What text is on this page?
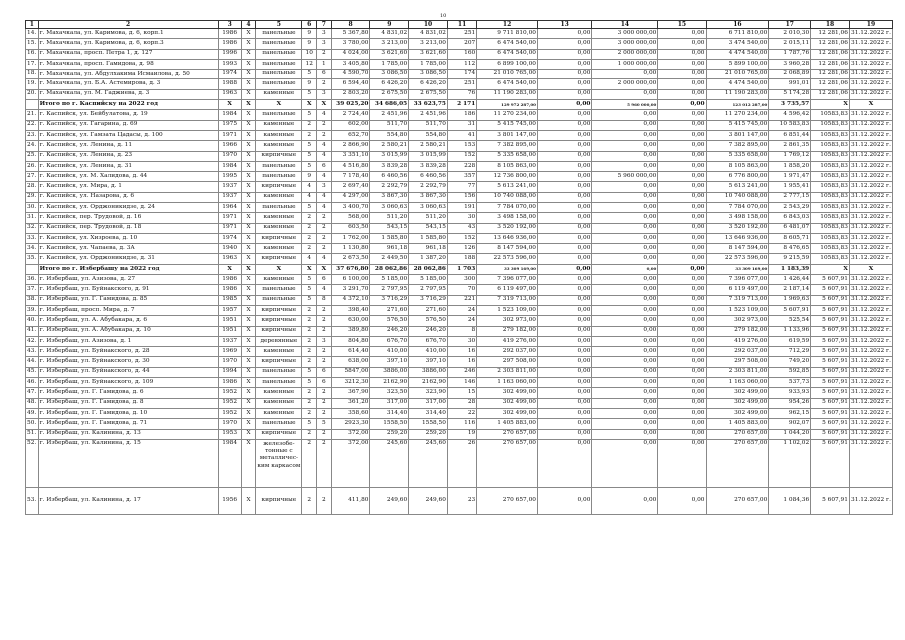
10
1	2	3	4	5	6	7	8	9	10	11	12	13	14	15	16	17	18	19
14.	г. Махачкала, ул. Каримова, д. 6, корп.1	1986	X	панельные	9	3	5 367,80	4 831,02	4 831,02	251	9 711 810,00	0,00	3 000 000,00	0,00	6 711 810,00	2 010,30	12 281,06	31.12.2022 г.
15.	г. Махачкала, ул. Каримова, д. 6, корп.3	1986	X	панельные	9	3	3 780,00	3 213,00	3 213,00	207	6 474 540,00	0,00	3 000 000,00	0,00	3 474 540,00	2 015,11	12 281,06	31.12.2022 г.
16.	г. Махачкала, просп. Петра 1, д. 127	1996	X	панельные	10	2	4 024,00	3 621,60	3 621,60	160	6 474 540,00	0,00	2 000 000,00	0,00	4 474 540,00	1 787,76	12 281,06	31.12.2022 г.
17.	г. Махачкала, просп. Гамидова, д. 98	1993	X	панельные	12	1	3 405,80	1 785,00	1 785,00	112	6 899 100,00	0,00	1 000 000,00	0,00	5 899 100,00	3 960,28	12 281,06	31.12.2022 г.
18.	г. Махачкала, ул. Абдулхакима Исмаилова, д. 50	1974	X	панельные	5	6	4 590,70	3 086,50	3 086,50	174	21 010 765,00	0,00	0,00	0,00	21 010 765,00	2 068,89	12 281,06	31.12.2022 г.
19.	г. Махачкала, ул. Б.А. Астемирова, д. 3	1988	X	панельные	9	2	6 594,40	6 426,20	6 426,20	251	6 474 540,00	0,00	2 000 000,00	0,00	4 474 540,00	991,01	12 281,06	31.12.2022 г.
20.	г. Махачкала, ул. М. Гаджиева, д. 3	1963	X	каменные	5	3	2 803,20	2 675,50	2 675,50	76	11 190 283,00	0,00	0,00	0,00	11 190 283,00	5 174,28	12 281,06	31.12.2022 г.
	Итого по г. Каспийску на 2022 год	X	X	X	X	X	39 025,20	34 686,05	33 623,75	2 171	129 972 287,00	0,00	5 960 000,00	0,00	123 012 287,00	3 735,57	X	X
21.	г. Каспийск, ул. Бейбулатова, д. 19	1984	X	панельные	5	4	2 724,40	2 451,96	2 451,96	186	11 270 234,00	0,00	0,00	0,00	11 270 234,00	4 596,42	10583,83	31.12.2022 г.
22.	г. Каспийск, ул. Гагарина, д. 69	1975	X	каменные	2	2	602,00	511,70	511,70	31	5 415 745,00	0,00	0,00	0,00	5 415 745,00	10 583,83	10583,83	31.12.2022 г.
23.	г. Каспийск, ул. Гамзата Цадасы, д. 100	1971	X	каменные	2	2	652,70	554,80	554,80	41	3 801 147,00	0,00	0,00	0,00	3 801 147,00	6 851,44	10583,83	31.12.2022 г.
24.	г. Каспийск, ул. Ленина, д. 11	1966	X	каменные	5	4	2 866,90	2 580,21	2 580,21	153	7 382 895,00	0,00	0,00	0,00	7 382 895,00	2 861,35	10583,83	31.12.2022 г.
25.	г. Каспийск, ул. Ленина, д. 23	1970	X	кирпичные	5	4	3 351,10	3 015,99	3 015,99	152	5 335 658,00	0,00	0,00	0,00	5 335 658,00	1 769,12	10583,83	31.12.2022 г.
26.	г. Каспийск, ул. Ленина, д. 31	1984	X	панельные	5	6	4 516,80	3 839,28	3 839,28	228	8 105 863,00	0,00	0,00	0,00	8 105 863,00	1 858,20	10583,83	31.12.2022 г.
27.	г. Каспийск, ул. М. Халидова, д. 44	1995	X	панельные	9	4	7 178,40	6 460,56	6 460,56	357	12 736 800,00	0,00	5 960 000,00	0,00	6 776 800,00	1 971,47	10583,83	31.12.2022 г.
28.	г. Каспийск, ул. Мира, д. 1	1937	X	кирпичные	4	3	2 697,40	2 292,79	2 292,79	77	5 613 241,00	0,00	0,00	0,00	5 613 241,00	1 955,41	10583,83	31.12.2022 г.
29.	г. Каспийск, ул. Назарова, д. 6	1937	X	каменные	4	4	4 297,00	3 867,30	3 867,30	156	10 740 088,00	0,00	0,00	0,00	10 740 088,00	2 777,15	10583,83	31.12.2022 г.
30.	г. Каспийск, ул. Орджоникидзе, д. 24	1964	X	панельные	5	4	3 400,70	3 060,63	3 060,63	191	7 784 070,00	0,00	0,00	0,00	7 784 070,00	2 543,29	10583,83	31.12.2022 г.
31.	г. Каспийск, пер. Трудовой, д. 16	1971	X	каменные	2	2	568,00	511,20	511,20	30	3 498 158,00	0,00	0,00	0,00	3 498 158,00	6 843,03	10583,83	31.12.2022 г.
32.	г. Каспийск, пер. Трудовой, д. 18	1971	X	каменные	2	2	603,50	543,15	543,15	43	3 520 192,00	0,00	0,00	0,00	3 520 192,00	6 481,07	10583,83	31.12.2022 г.
33.	г. Каспийск, ул. Хизроева, д. 10	1974	X	кирпичные	2	2	1 762,00	1 585,80	1 585,80	152	13 646 936,00	0,00	0,00	0,00	13 646 936,00	8 605,71	10583,83	31.12.2022 г.
34.	г. Каспийск, ул. Чапаева, д. 3А	1940	X	каменные	2	2	1 130,80	961,18	961,18	126	8 147 594,00	0,00	0,00	0,00	8 147 594,00	8 476,65	10583,83	31.12.2022 г.
35.	г. Каспийск, ул. Орджоникидзе, д. 31	1963	X	кирпичные	4	4	2 673,50	2 449,50	1 387,20	188	22 573 596,00	0,00	0,00	0,00	22 573 596,00	9 215,59	10583,83	31.12.2022 г.
	Итого по г. Избербашу на 2022 год	X	X	X	X	X	37 676,80	28 062,86	28 062,86	1 703	33 309 169,00	0,00	0,00	0,00	33 309 169,00	1 183,39	X	X
36.	г. Избербаш, ул. Азизова, д. 27	1986	X	каменные	5	6	6 100,00	5 185,00	5 185,00	300	7 396 077,00	0,00	0,00	0,00	7 396 077,00	1 426,44	5 607,91	31.12.2022 г.
37.	г. Избербаш, ул. Буйнакского, д. 91	1986	X	панельные	5	4	3 291,70	2 797,95	2 797,95	70	6 119 497,00	0,00	0,00	0,00	6 119 497,00	2 187,14	5 607,91	31.12.2022 г.
38.	г. Избербаш, ул. Г. Гамидова, д. 85	1985	X	панельные	5	8	4 372,10	3 716,29	3 716,29	221	7 319 713,00	0,00	0,00	0,00	7 319 713,00	1 969,63	5 607,91	31.12.2022 г.
39.	г. Избербаш, просп. Мира, д. 7	1957	X	кирпичные	2	2	398,40	271,60	271,60	24	1 523 109,00	0,00	0,00	0,00	1 523 109,00	5 607,91	5 607,91	31.12.2022 г.
40.	г. Избербаш, ул. А. Абубакара, д. 6	1951	X	кирпичные	2	2	630,00	576,50	576,50	24	302 973,00	0,00	0,00	0,00	302 973,00	525,54	5 607,91	31.12.2022 г.
41.	г. Избербаш, ул. А. Абубакара, д. 10	1951	X	кирпичные	2	2	389,80	246,20	246,20	8	279 182,00	0,00	0,00	0,00	279 182,00	1 133,96	5 607,91	31.12.2022 г.
42.	г. Избербаш, ул. Азизова, д. 1	1937	X	деревянные	2	3	804,80	676,70	676,70	30	419 276,00	0,00	0,00	0,00	419 276,00	619,59	5 607,91	31.12.2022 г.
43.	г. Избербаш, ул. Буйнакского, д. 28	1969	X	каменные	2	2	614,40	410,00	410,00	16	292 037,00	0,00	0,00	0,00	292 037,00	712,29	5 607,91	31.12.2022 г.
44.	г. Избербаш, ул. Буйнакского, д. 30	1970	X	кирпичные	2	2	638,00	397,10	397,10	16	297 508,00	0,00	0,00	0,00	297 508,00	749,20	5 607,91	31.12.2022 г.
45.	г. Избербаш, ул. Буйнакского, д. 44	1994	X	панельные	5	6	5847,00	3886,00	3886,00	246	2 303 811,00	0,00	0,00	0,00	2 303 811,00	592,85	5 607,91	31.12.2022 г.
46.	г. Избербаш, ул. Буйнакского, д. 109	1986	X	панельные	5	6	3212,30	2162,90	2162,90	146	1 163 060,00	0,00	0,00	0,00	1 163 060,00	537,73	5 607,91	31.12.2022 г.
47.	г. Избербаш, ул. Г. Гамидова, д. 6	1952	X	каменные	2	2	367,90	323,50	323,90	15	302 499,00	0,00	0,00	0,00	302 499,00	933,93	5 607,91	31.12.2022 г.
48.	г. Избербаш, ул. Г. Гамидова, д. 8	1952	X	каменные	2	2	361,20	317,00	317,00	28	302 499,00	0,00	0,00	0,00	302 499,00	954,26	5 607,91	31.12.2022 г.
49.	г. Избербаш, ул. Г. Гамидова, д. 10	1952	X	каменные	2	2	358,60	314,40	314,40	22	302 499,00	0,00	0,00	0,00	302 499,00	962,15	5 607,91	31.12.2022 г.
50.	г. Избербаш, ул. Г. Гамидова, д. 71	1970	X	панельные	5	5	2923,30	1558,50	1558,50	116	1 405 883,00	0,00	0,00	0,00	1 405 883,00	902,07	5 607,91	31.12.2022 г.
51.	г. Избербаш, ул. Калинина, д. 13	1953	X	кирпичные	2	2	372,00	259,20	259,20	19	270 657,00	0,00	0,00	0,00	270 657,00	1 044,20	5 607,91	31.12.2022 г.
52.	г. Избербаш, ул. Калинина, д. 15	1984	X	железобе-тонные с металличес-ким каркасом	2	2	372,00	245,60	245,60	26	270 657,00	0,00	0,00	0,00	270 657,00	1 102,02	5 607,91	31.12.2022 г.
53.	г. Избербаш, ул. Калинина, д. 17	1956	X	кирпичные	2	2	411,80	249,60	249,60	23	270 657,00	0,00	0,00	0,00	270 657,00	1 084,36	5 607,91	31.12.2022 г.
